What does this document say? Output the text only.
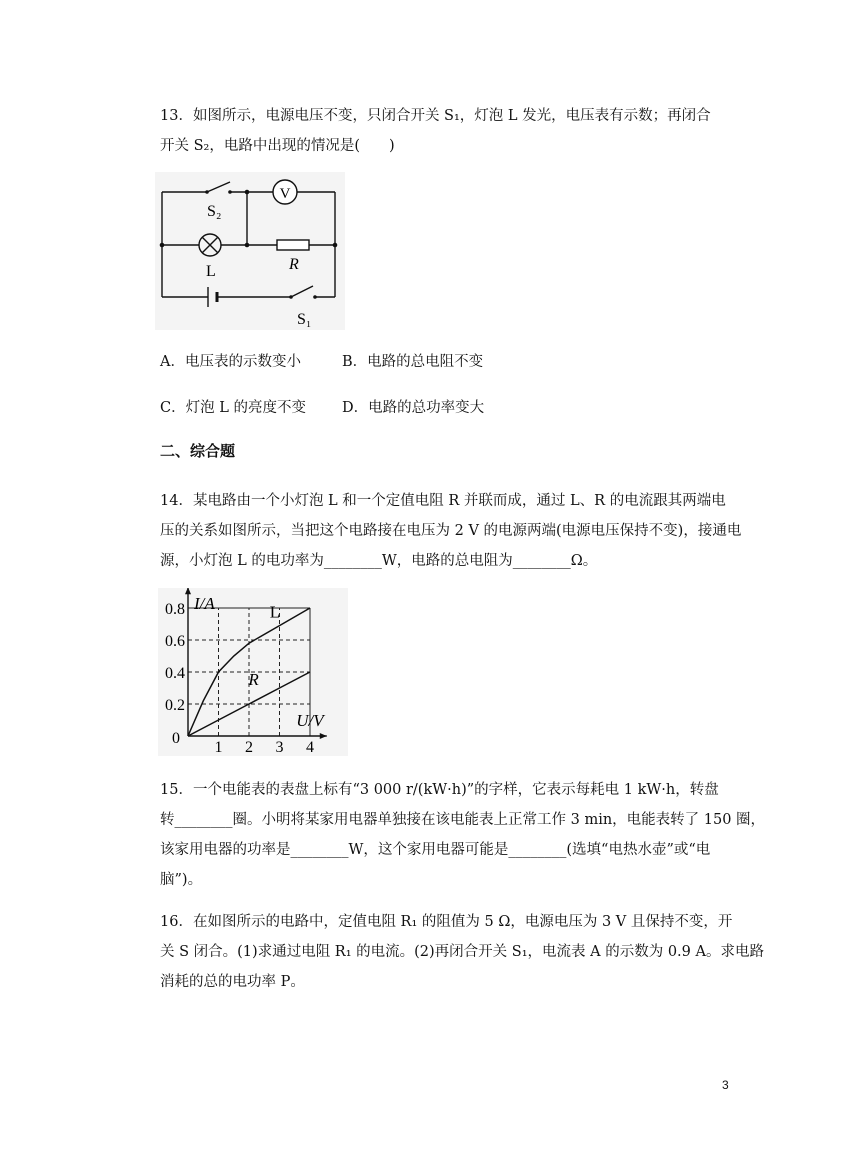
13．如图所示，电源电压不变，只闭合开关 S₁，灯泡 L 发光，电压表有示数；再闭合
开关 S₂，电路中出现的情况是(　　)
V
S₂
L	R
S₁
A．电压表的示数变小	B．电路的总电阻不变
C．灯泡 L 的亮度不变 D．电路的总功率变大
二、综合题
14．某电路由一个小灯泡 L 和一个定值电阻 R 并联而成，通过 L、R 的电流跟其两端电
压的关系如图所示，当把这个电路接在电压为 2 V 的电源两端(电源电压保持不变)，接通电
源，小灯泡 L 的电功率为________W，电路的总电阻为________Ω。
1 2 3 4
0.2
0.4
0.6
0.8
0
I/A
U/V
L
R
15．一个电能表的表盘上标有“3 000 r/(kW·h)”的字样，它表示每耗电 1 kW·h，转盘
转________圈。小明将某家用电器单独接在该电能表上正常工作 3 min，电能表转了 150 圈，
该家用电器的功率是________W，这个家用电器可能是________(选填“电热水壶”或“电
脑”)。
16．在如图所示的电路中，定值电阻 R₁ 的阻值为 5 Ω，电源电压为 3 V 且保持不变，开
关 S 闭合。(1)求通过电阻 R₁ 的电流。(2)再闭合开关 S₁，电流表 A 的示数为 0.9 A。求电路
消耗的总的电功率 P。
3
